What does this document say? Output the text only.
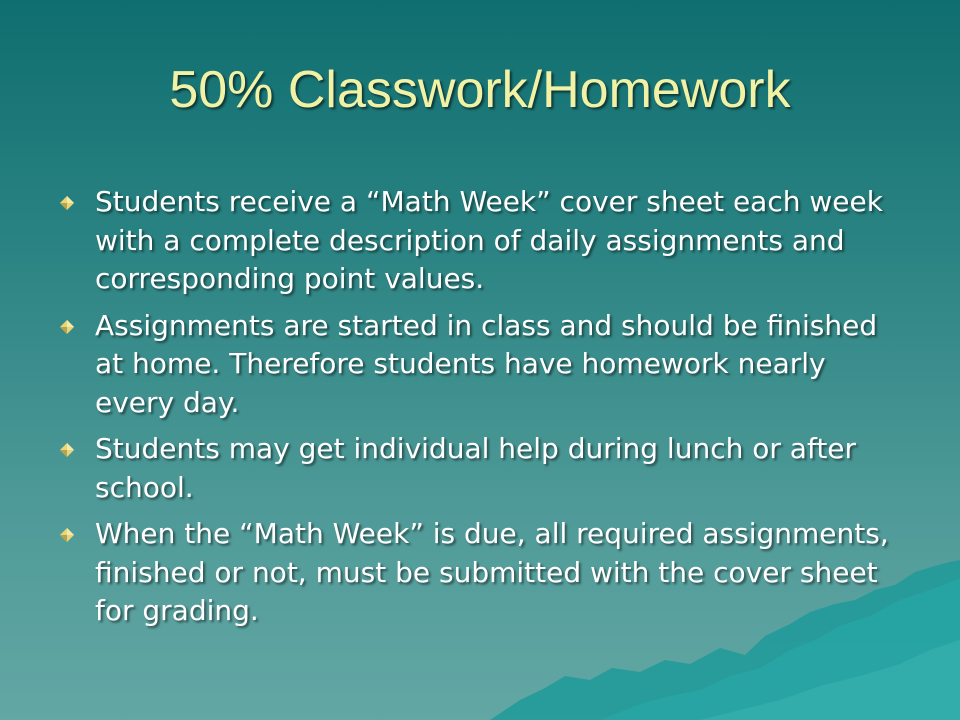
50% Classwork/Homework
Students receive a “Math Week” cover sheet each week with a complete description of daily assignments and corresponding point values.
Assignments are started in class and should be finished at home. Therefore students have homework nearly every day.
Students may get individual help during lunch or after school.
When the “Math Week” is due, all required assignments, finished or not, must be submitted with the cover sheet for grading.
